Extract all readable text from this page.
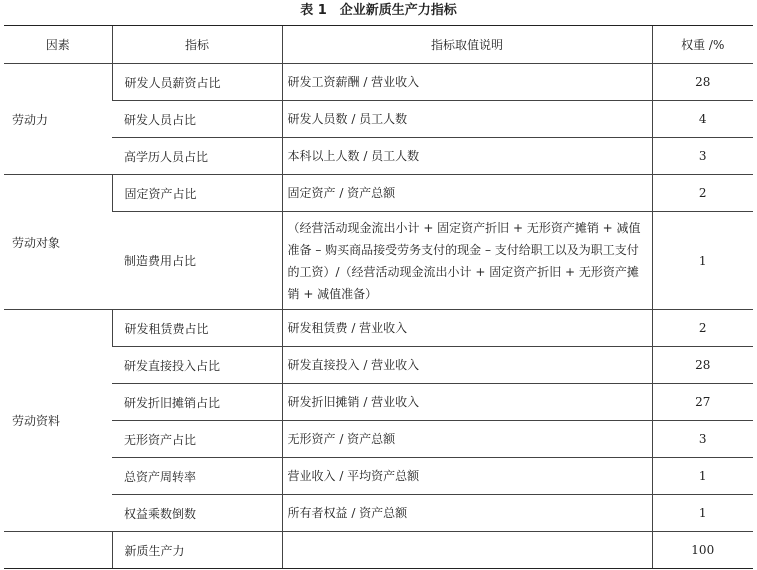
表 1　企业新质生产力指标
因素	指标	指标取值说明	权重 /%
劳动力	研发人员薪资占比	研发工资薪酬 / 营业收入	28
	研发人员占比	研发人员数 / 员工人数	4
	高学历人员占比	本科以上人数 / 员工人数	3
劳动对象	固定资产占比	固定资产 / 资产总额	2
	制造费用占比	（经营活动现金流出小计 + 固定资产折旧 + 无形资产摊销 + 减值准备 – 购买商品接受劳务支付的现金 – 支付给职工以及为职工支付的工资）/（经营活动现金流出小计 + 固定资产折旧 + 无形资产摊销 + 减值准备）	1
劳动资料	研发租赁费占比	研发租赁费 / 营业收入	2
	研发直接投入占比	研发直接投入 / 营业收入	28
	研发折旧摊销占比	研发折旧摊销 / 营业收入	27
	无形资产占比	无形资产 / 资产总额	3
	总资产周转率	营业收入 / 平均资产总额	1
	权益乘数倒数	所有者权益 / 资产总额	1
	新质生产力		100
